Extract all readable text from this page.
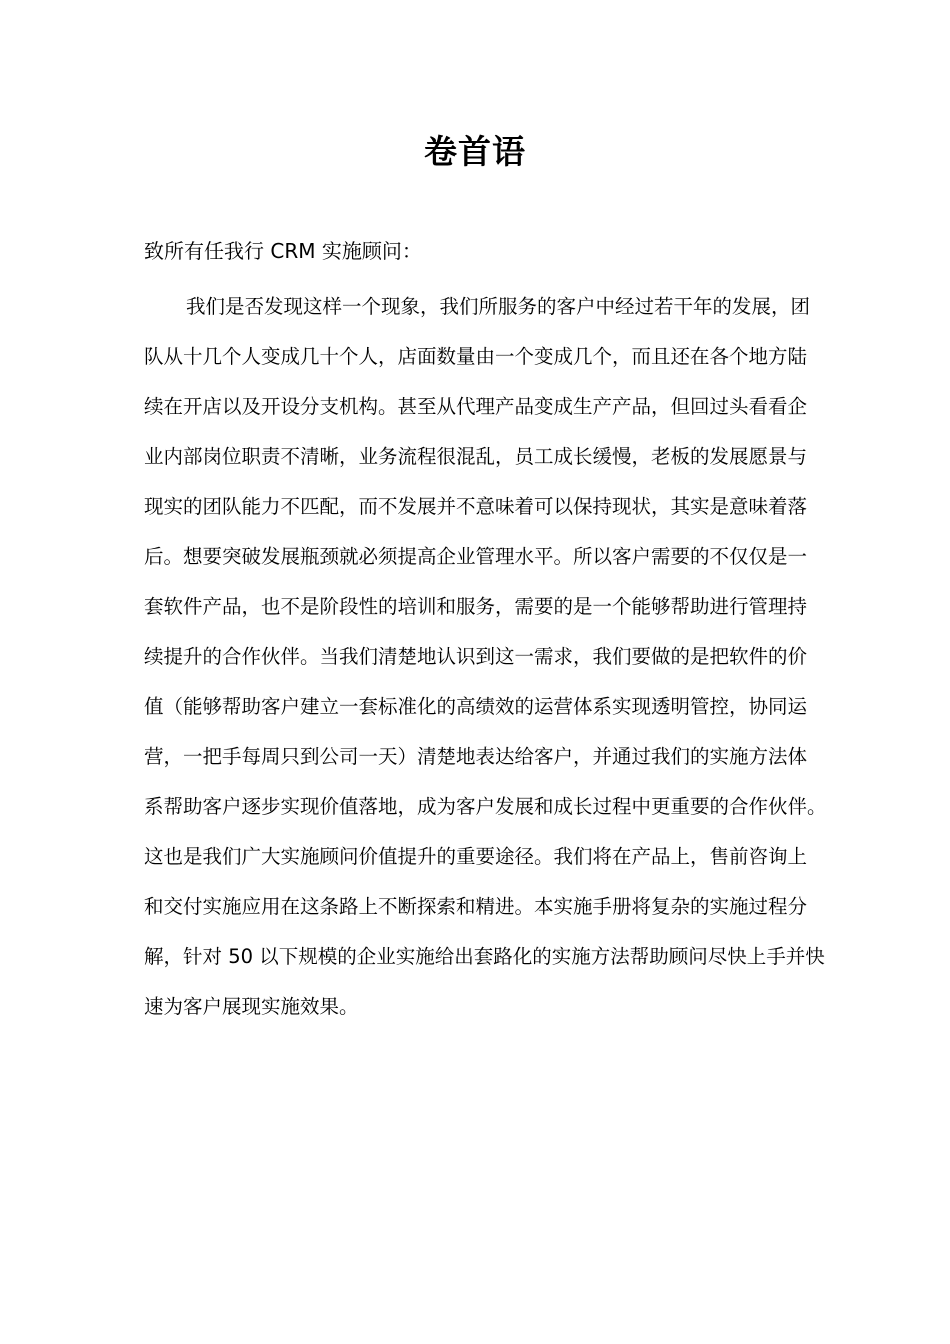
卷首语
致所有任我行 CRM 实施顾问：
我们是否发现这样一个现象，我们所服务的客户中经过若干年的发展，团
队从十几个人变成几十个人，店面数量由一个变成几个，而且还在各个地方陆
续在开店以及开设分支机构。甚至从代理产品变成生产产品，但回过头看看企
业内部岗位职责不清晰，业务流程很混乱，员工成长缓慢，老板的发展愿景与
现实的团队能力不匹配，而不发展并不意味着可以保持现状，其实是意味着落
后。想要突破发展瓶颈就必须提高企业管理水平。所以客户需要的不仅仅是一
套软件产品，也不是阶段性的培训和服务，需要的是一个能够帮助进行管理持
续提升的合作伙伴。当我们清楚地认识到这一需求，我们要做的是把软件的价
值（能够帮助客户建立一套标准化的高绩效的运营体系实现透明管控，协同运
营，一把手每周只到公司一天）清楚地表达给客户，并通过我们的实施方法体
系帮助客户逐步实现价值落地，成为客户发展和成长过程中更重要的合作伙伴。
这也是我们广大实施顾问价值提升的重要途径。我们将在产品上，售前咨询上
和交付实施应用在这条路上不断探索和精进。本实施手册将复杂的实施过程分
解，针对 50 以下规模的企业实施给出套路化的实施方法帮助顾问尽快上手并快
速为客户展现实施效果。
